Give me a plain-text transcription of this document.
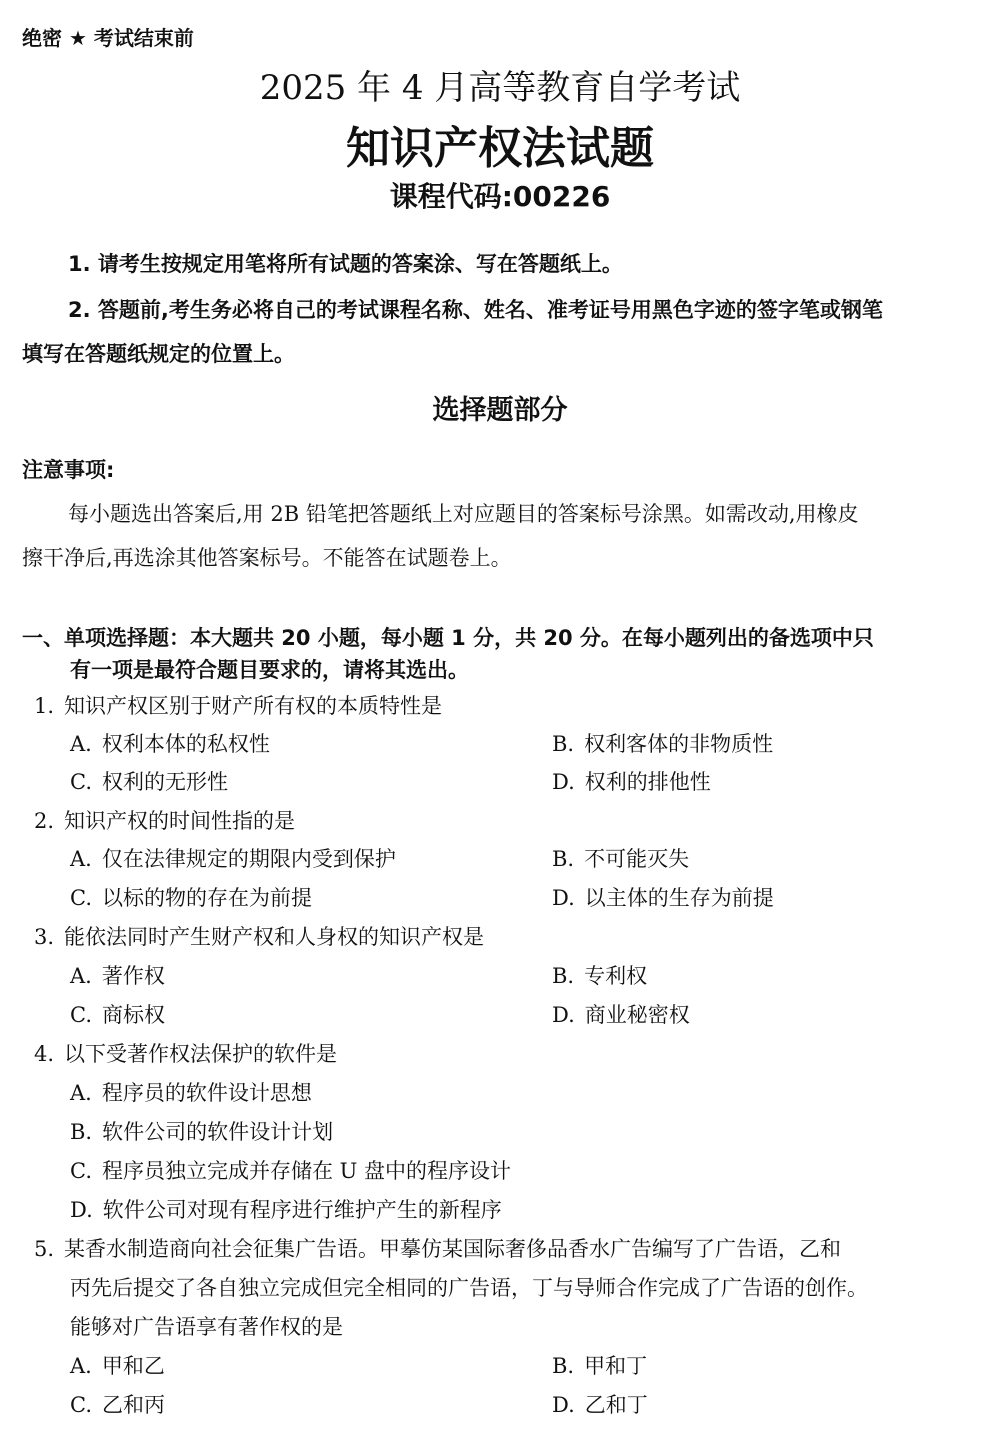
绝密 ★ 考试结束前
2025 年 4 月高等教育自学考试
知识产权法试题
课程代码:00226
1. 请考生按规定用笔将所有试题的答案涂、写在答题纸上。
2. 答题前,考生务必将自己的考试课程名称、姓名、准考证号用黑色字迹的签字笔或钢笔
填写在答题纸规定的位置上。
选择题部分
注意事项:
每小题选出答案后,用 2B 铅笔把答题纸上对应题目的答案标号涂黑。如需改动,用橡皮
擦干净后,再选涂其他答案标号。不能答在试题卷上。
一、单项选择题：本大题共 20 小题，每小题 1 分，共 20 分。在每小题列出的备选项中只
有一项是最符合题目要求的，请将其选出。
1. 知识产权区别于财产所有权的本质特性是
A. 权利本体的私权性	B. 权利客体的非物质性
C. 权利的无形性	D. 权利的排他性
2. 知识产权的时间性指的是
A. 仅在法律规定的期限内受到保护	B. 不可能灭失
C. 以标的物的存在为前提	D. 以主体的生存为前提
3. 能依法同时产生财产权和人身权的知识产权是
A. 著作权	B. 专利权
C. 商标权	D. 商业秘密权
4. 以下受著作权法保护的软件是
A. 程序员的软件设计思想
B. 软件公司的软件设计计划
C. 程序员独立完成并存储在 U 盘中的程序设计
D. 软件公司对现有程序进行维护产生的新程序
5. 某香水制造商向社会征集广告语。甲摹仿某国际奢侈品香水广告编写了广告语，乙和
丙先后提交了各自独立完成但完全相同的广告语，丁与导师合作完成了广告语的创作。
能够对广告语享有著作权的是
A. 甲和乙	B. 甲和丁
C. 乙和丙	D. 乙和丁
